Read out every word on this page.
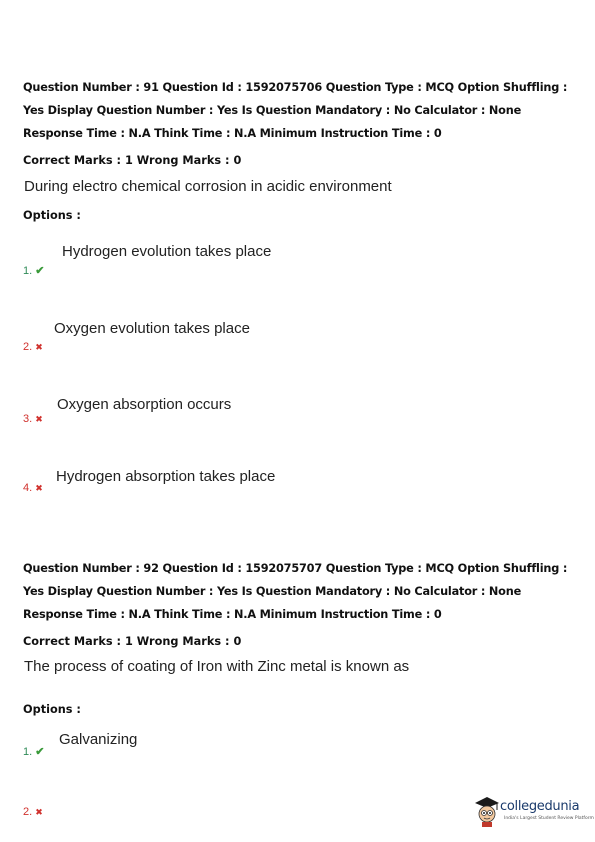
Question Number : 91 Question Id : 1592075706 Question Type : MCQ Option Shuffling : Yes Display Question Number : Yes Is Question Mandatory : No Calculator : None Response Time : N.A Think Time : N.A Minimum Instruction Time : 0
Correct Marks : 1 Wrong Marks : 0
During electro chemical corrosion in acidic environment
Options :
Hydrogen evolution takes place
1. ✔
Oxygen evolution takes place
2. ✖
Oxygen absorption occurs
3. ✖
Hydrogen absorption takes place
4. ✖
Question Number : 92 Question Id : 1592075707 Question Type : MCQ Option Shuffling : Yes Display Question Number : Yes Is Question Mandatory : No Calculator : None Response Time : N.A Think Time : N.A Minimum Instruction Time : 0
Correct Marks : 1 Wrong Marks : 0
The process of coating of Iron with Zinc metal is known as
Options :
Galvanizing
1. ✔
2. ✖	collegedunia
India's Largest Student Review Platform
